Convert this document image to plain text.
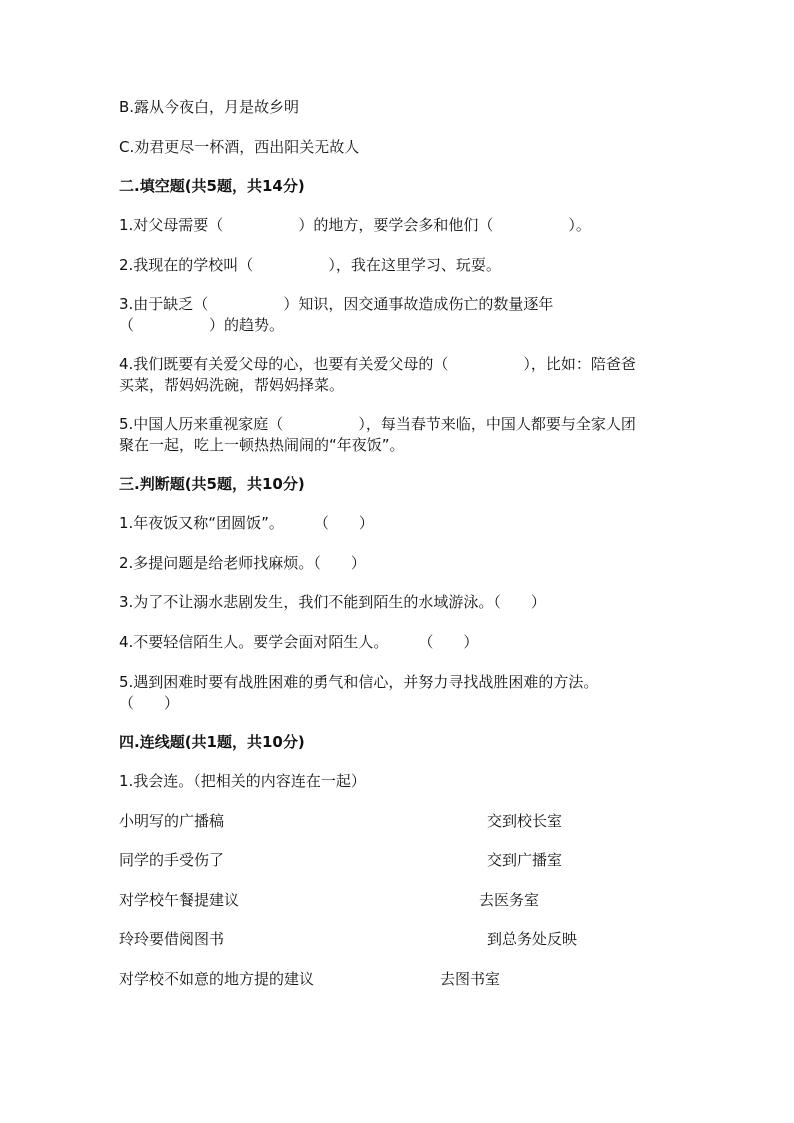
B.露从今夜白，月是故乡明
C.劝君更尽一杯酒，西出阳关无故人
二.填空题(共5题，共14分)
1.对父母需要（　　　　　）的地方，要学会多和他们（　　　　　）。
2.我现在的学校叫（　　　　　），我在这里学习、玩耍。
3.由于缺乏（　　　　　）知识，因交通事故造成伤亡的数量逐年
（　　　　　）的趋势。
4.我们既要有关爱父母的心，也要有关爱父母的（　　　　　），比如：陪爸爸
买菜，帮妈妈洗碗，帮妈妈择菜。
5.中国人历来重视家庭（　　　　　），每当春节来临，中国人都要与全家人团
聚在一起，吃上一顿热热闹闹的“年夜饭”。
三.判断题(共5题，共10分)
1.年夜饭又称“团圆饭”。　　　（　　）
2.多提问题是给老师找麻烦。（　　）
3.为了不让溺水悲剧发生，我们不能到陌生的水域游泳。（　　）
4.不要轻信陌生人。要学会面对陌生人。　　　（　　）
5.遇到困难时要有战胜困难的勇气和信心，并努力寻找战胜困难的方法。
（　　）
四.连线题(共1题，共10分)
1.我会连。（把相关的内容连在一起）
小明写的广播稿	交到校长室
同学的手受伤了	交到广播室
对学校午餐提建议	去医务室
玲玲要借阅图书	到总务处反映
对学校不如意的地方提的建议	去图书室
